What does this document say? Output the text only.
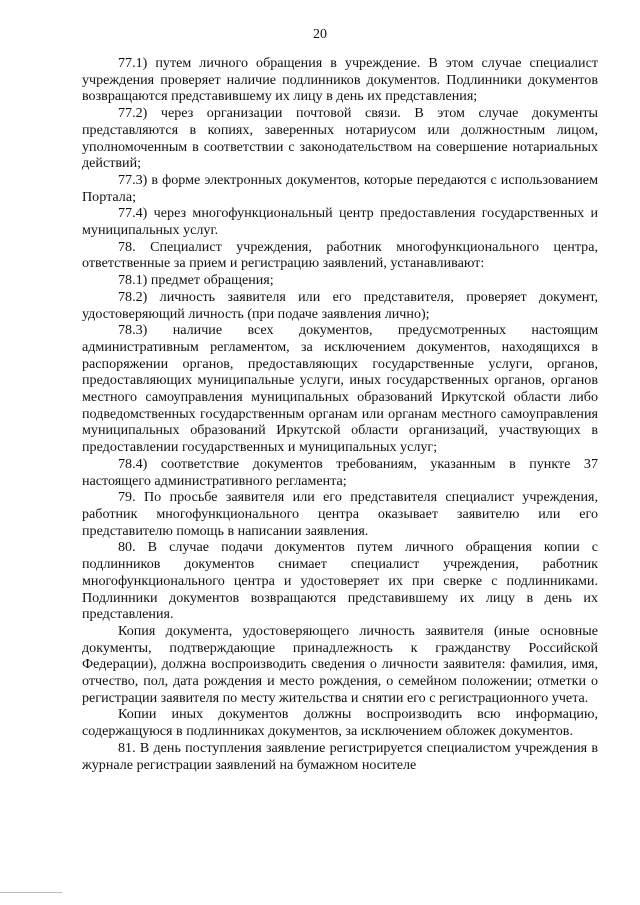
20

77.1) путем личного обращения в учреждение. В этом случае специалист учреждения проверяет наличие подлинников документов. Подлинники документов возвращаются представившему их лицу в день их представления;

77.2) через организации почтовой связи. В этом случае документы представляются в копиях, заверенных нотариусом или должностным лицом, уполномоченным в соответствии с законодательством на совершение нотариальных действий;

77.3) в форме электронных документов, которые передаются с использованием Портала;

77.4) через многофункциональный центр предоставления государственных и муниципальных услуг.

78. Специалист учреждения, работник многофункционального центра, ответственные за прием и регистрацию заявлений, устанавливают:

78.1) предмет обращения;

78.2) личность заявителя или его представителя, проверяет документ, удостоверяющий личность (при подаче заявления лично);

78.3) наличие всех документов, предусмотренных настоящим административным регламентом, за исключением документов, находящихся в распоряжении органов, предоставляющих государственные услуги, органов, предоставляющих муниципальные услуги, иных государственных органов, органов местного самоуправления муниципальных образований Иркутской области либо подведомственных государственным органам или органам местного самоуправления муниципальных образований Иркутской области организаций, участвующих в предоставлении государственных и муниципальных услуг;

78.4) соответствие документов требованиям, указанным в пункте 37 настоящего административного регламента;

79. По просьбе заявителя или его представителя специалист учреждения, работник многофункционального центра оказывает заявителю или его представителю помощь в написании заявления.

80. В случае подачи документов путем личного обращения копии с подлинников документов снимает специалист учреждения, работник многофункционального центра и удостоверяет их при сверке с подлинниками. Подлинники документов возвращаются представившему их лицу в день их представления.

Копия документа, удостоверяющего личность заявителя (иные основные документы, подтверждающие принадлежность к гражданству Российской Федерации), должна воспроизводить сведения о личности заявителя: фамилия, имя, отчество, пол, дата рождения и место рождения, о семейном положении; отметки о регистрации заявителя по месту жительства и снятии его с регистрационного учета.

Копии иных документов должны воспроизводить всю информацию, содержащуюся в подлинниках документов, за исключением обложек документов.

81. В день поступления заявление регистрируется специалистом учреждения в журнале регистрации заявлений на бумажном носителе
